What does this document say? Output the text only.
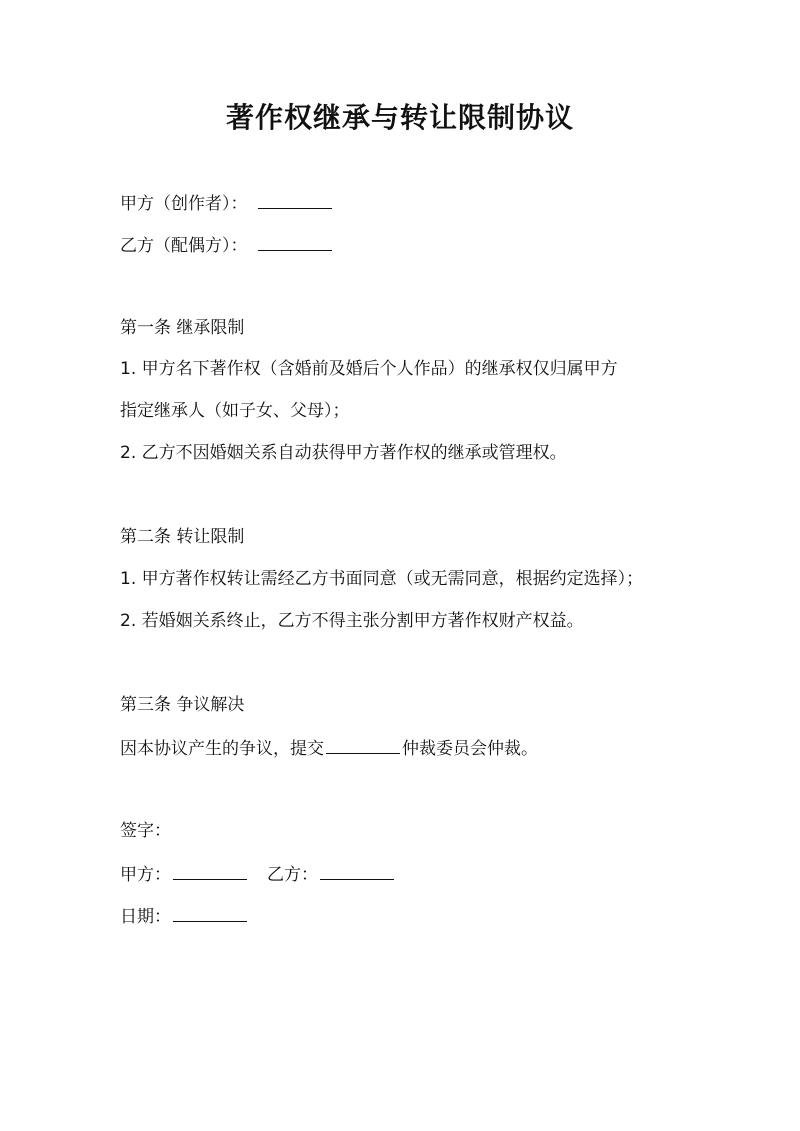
著作权继承与转让限制协议
甲方（创作者）：
乙方（配偶方）：
第一条 继承限制
1. 甲方名下著作权（含婚前及婚后个人作品）的继承权仅归属甲方
指定继承人（如子女、父母）；
2. 乙方不因婚姻关系自动获得甲方著作权的继承或管理权。
第二条 转让限制
1. 甲方著作权转让需经乙方书面同意（或无需同意，根据约定选择）；
2. 若婚姻关系终止，乙方不得主张分割甲方著作权财产权益。
第三条 争议解决
因本协议产生的争议，提交	仲裁委员会仲裁。
签字：
甲方：	乙方：
日期：
